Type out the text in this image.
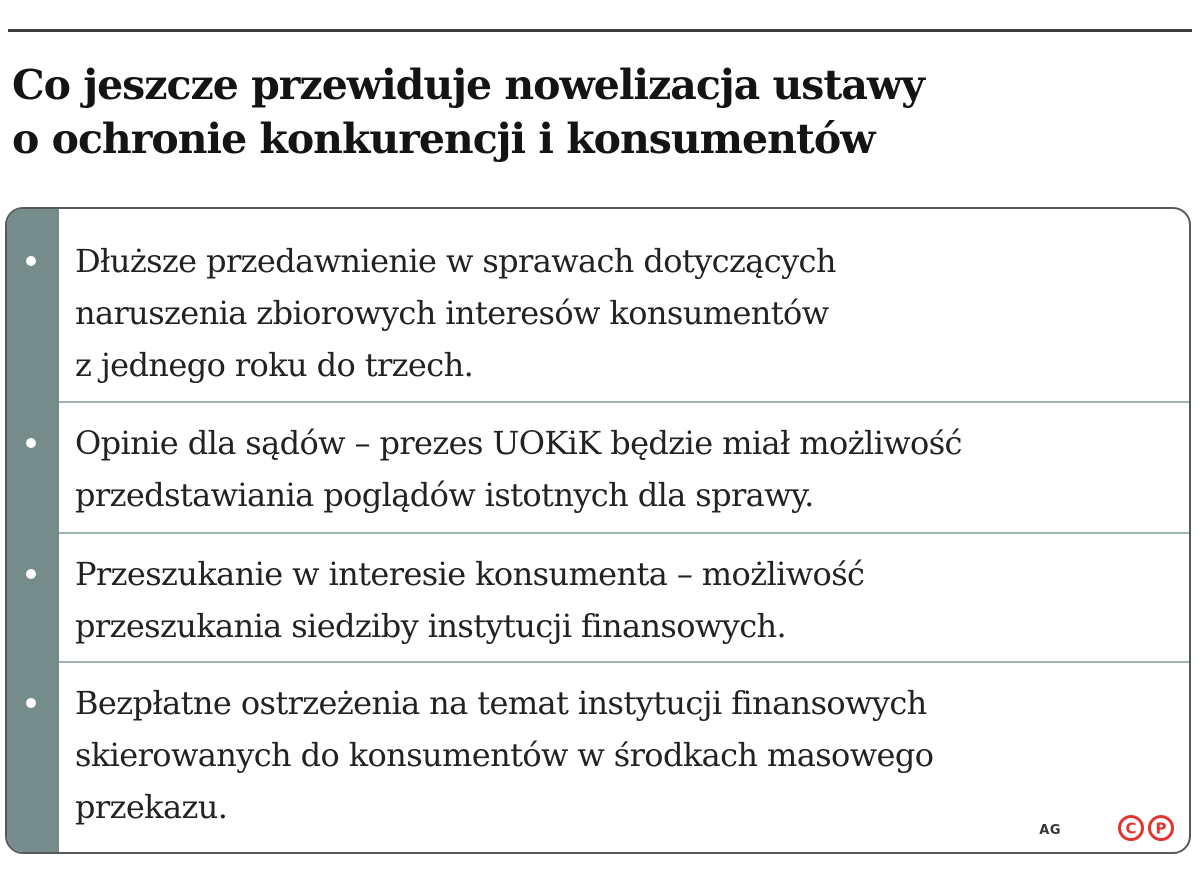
Co jeszcze przewiduje nowelizacja ustawy
o ochronie konkurencji i konsumentów
Dłuższe przedawnienie w sprawach dotyczących
naruszenia zbiorowych interesów konsumentów
z jednego roku do trzech.
Opinie dla sądów – prezes UOKiK będzie miał możliwość
przedstawiania poglądów istotnych dla sprawy.
Przeszukanie w interesie konsumenta – możliwość
przeszukania siedziby instytucji finansowych.
Bezpłatne ostrzeżenia na temat instytucji finansowych
skierowanych do konsumentów w środkach masowego
przekazu.
AG	C P
